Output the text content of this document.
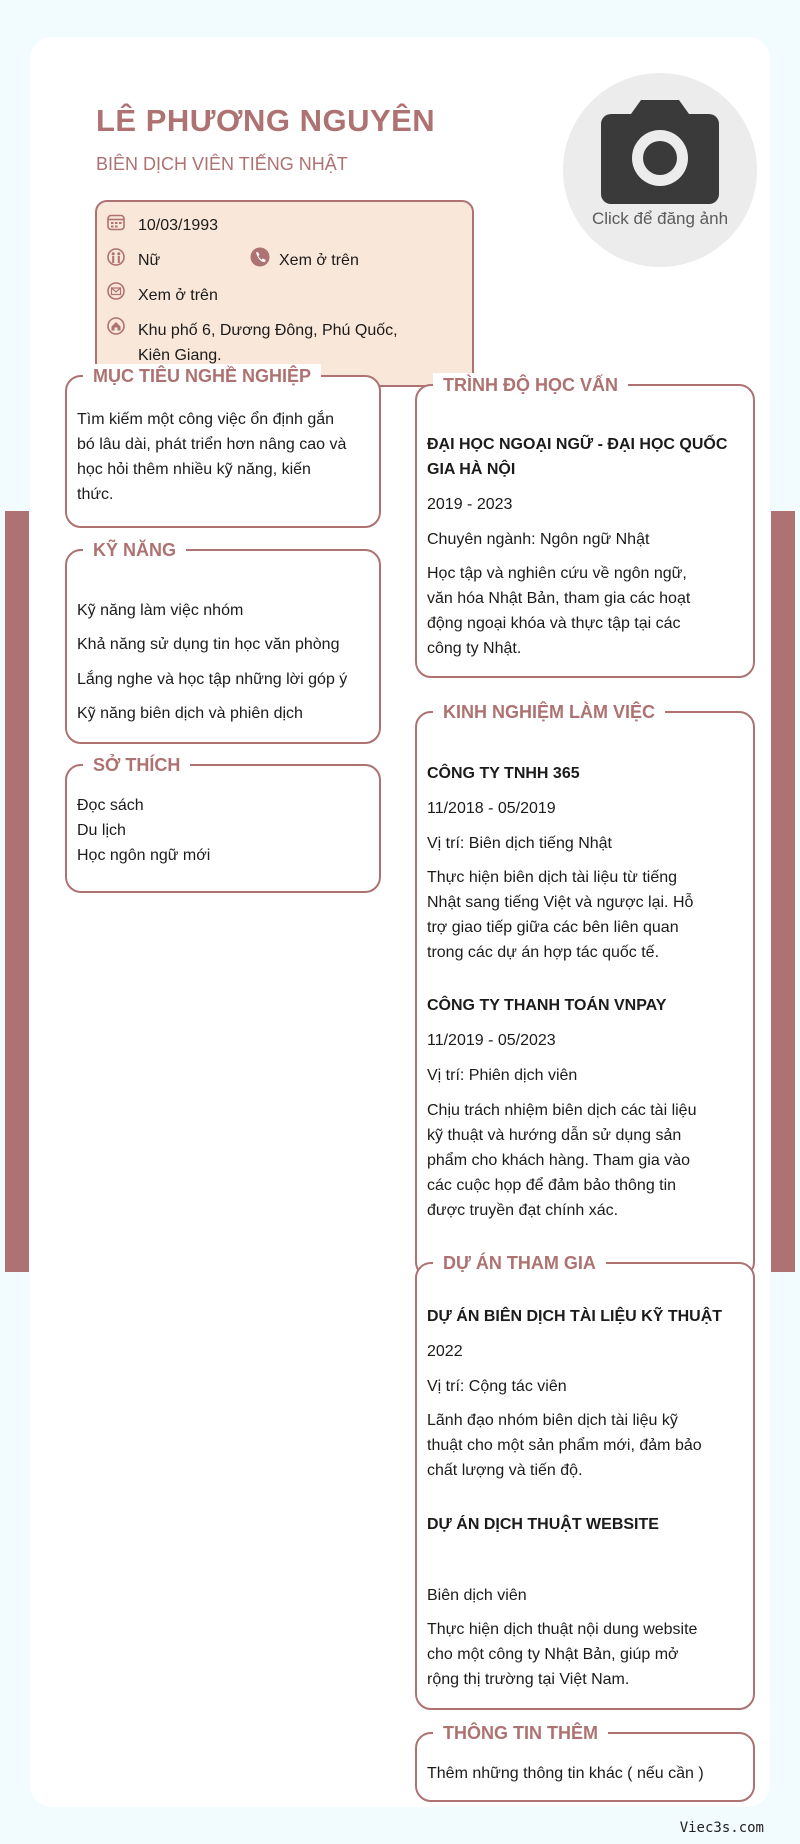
LÊ PHƯƠNG NGUYÊN
BIÊN DỊCH VIÊN TIẾNG NHẬT
Click để đăng ảnh
10/03/1993
Nữ	Xem ở trên
Xem ở trên
Khu phố 6, Dương Đông, Phú Quốc,
Kiên Giang.
MỤC TIÊU NGHỀ NGHIỆP
Tìm kiếm một công việc ổn định gắn
bó lâu dài, phát triển hơn nâng cao và
học hỏi thêm nhiều kỹ năng, kiến
thức.
KỸ NĂNG
Kỹ năng làm việc nhóm
Khả năng sử dụng tin học văn phòng
Lắng nghe và học tập những lời góp ý
Kỹ năng biên dịch và phiên dịch
SỞ THÍCH
Đọc sách
Du lịch
Học ngôn ngữ mới
TRÌNH ĐỘ HỌC VẤN
ĐẠI HỌC NGOẠI NGỮ - ĐẠI HỌC QUỐC
GIA HÀ NỘI
2019 - 2023
Chuyên ngành: Ngôn ngữ Nhật
Học tập và nghiên cứu về ngôn ngữ,
văn hóa Nhật Bản, tham gia các hoạt
động ngoại khóa và thực tập tại các
công ty Nhật.
KINH NGHIỆM LÀM VIỆC
CÔNG TY TNHH 365
11/2018 - 05/2019
Vị trí: Biên dịch tiếng Nhật
Thực hiện biên dịch tài liệu từ tiếng
Nhật sang tiếng Việt và ngược lại. Hỗ
trợ giao tiếp giữa các bên liên quan
trong các dự án hợp tác quốc tế.
CÔNG TY THANH TOÁN VNPAY
11/2019 - 05/2023
Vị trí: Phiên dịch viên
Chịu trách nhiệm biên dịch các tài liệu
kỹ thuật và hướng dẫn sử dụng sản
phẩm cho khách hàng. Tham gia vào
các cuộc họp để đảm bảo thông tin
được truyền đạt chính xác.
DỰ ÁN THAM GIA
DỰ ÁN BIÊN DỊCH TÀI LIỆU KỸ THUẬT
2022
Vị trí: Cộng tác viên
Lãnh đạo nhóm biên dịch tài liệu kỹ
thuật cho một sản phẩm mới, đảm bảo
chất lượng và tiến độ.
DỰ ÁN DỊCH THUẬT WEBSITE
Biên dịch viên
Thực hiện dịch thuật nội dung website
cho một công ty Nhật Bản, giúp mở
rộng thị trường tại Việt Nam.
THÔNG TIN THÊM
Thêm những thông tin khác ( nếu cần )
Viec3s.com
